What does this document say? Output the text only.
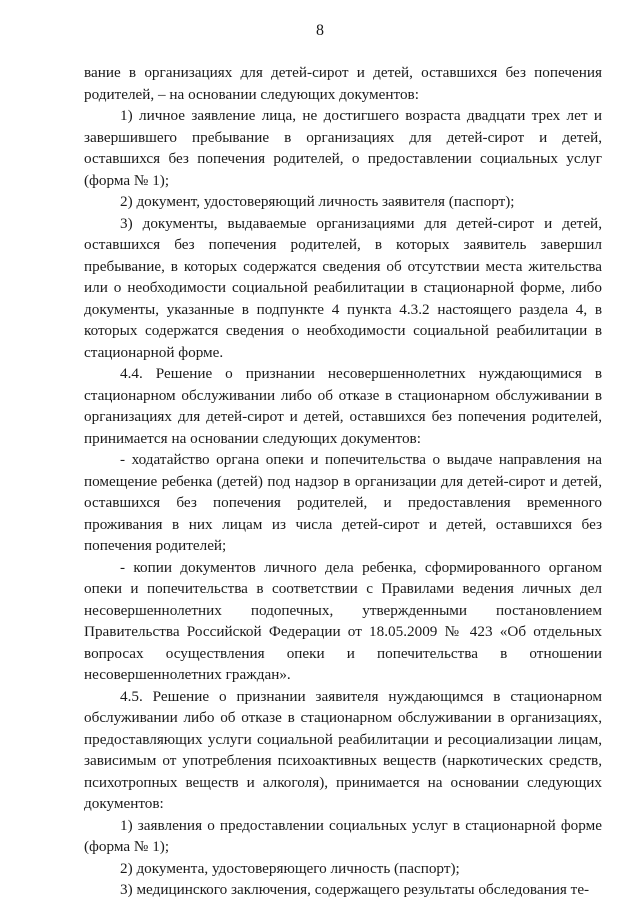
8

вание в организациях для детей-сирот и детей, оставшихся без попечения родителей, – на основании следующих документов:

1) личное заявление лица, не достигшего возраста двадцати трех лет и завершившего пребывание в организациях для детей-сирот и детей, оставшихся без попечения родителей, о предоставлении социальных услуг (форма № 1);

2) документ, удостоверяющий личность заявителя (паспорт);

3) документы, выдаваемые организациями для детей-сирот и детей, оставшихся без попечения родителей, в которых заявитель завершил пребывание, в которых содержатся сведения об отсутствии места жительства или о необходимости социальной реабилитации в стационарной форме, либо документы, указанные в подпункте 4 пункта 4.3.2 настоящего раздела 4, в которых содержатся сведения о необходимости социальной реабилитации в стационарной форме.

4.4. Решение о признании несовершеннолетних нуждающимися в стационарном обслуживании либо об отказе в стационарном обслуживании в организациях для детей-сирот и детей, оставшихся без попечения родителей, принимается на основании следующих документов:

- ходатайство органа опеки и попечительства о выдаче направления на помещение ребенка (детей) под надзор в организации для детей-сирот и детей, оставшихся без попечения родителей, и предоставления временного проживания в них лицам из числа детей-сирот и детей, оставшихся без попечения родителей;

- копии документов личного дела ребенка, сформированного органом опеки и попечительства в соответствии с Правилами ведения личных дел несовершеннолетних подопечных, утвержденными постановлением Правительства Российской Федерации от 18.05.2009 № 423 «Об отдельных вопросах осуществления опеки и попечительства в отношении несовершеннолетних граждан».

4.5. Решение о признании заявителя нуждающимся в стационарном обслуживании либо об отказе в стационарном обслуживании в организациях, предоставляющих услуги социальной реабилитации и ресоциализации лицам, зависимым от употребления психоактивных веществ (наркотических средств, психотропных веществ и алкоголя), принимается на основании следующих документов:

1) заявления о предоставлении социальных услуг в стационарной форме (форма № 1);

2) документа, удостоверяющего личность (паспорт);

3) медицинского заключения, содержащего результаты обследования те-
